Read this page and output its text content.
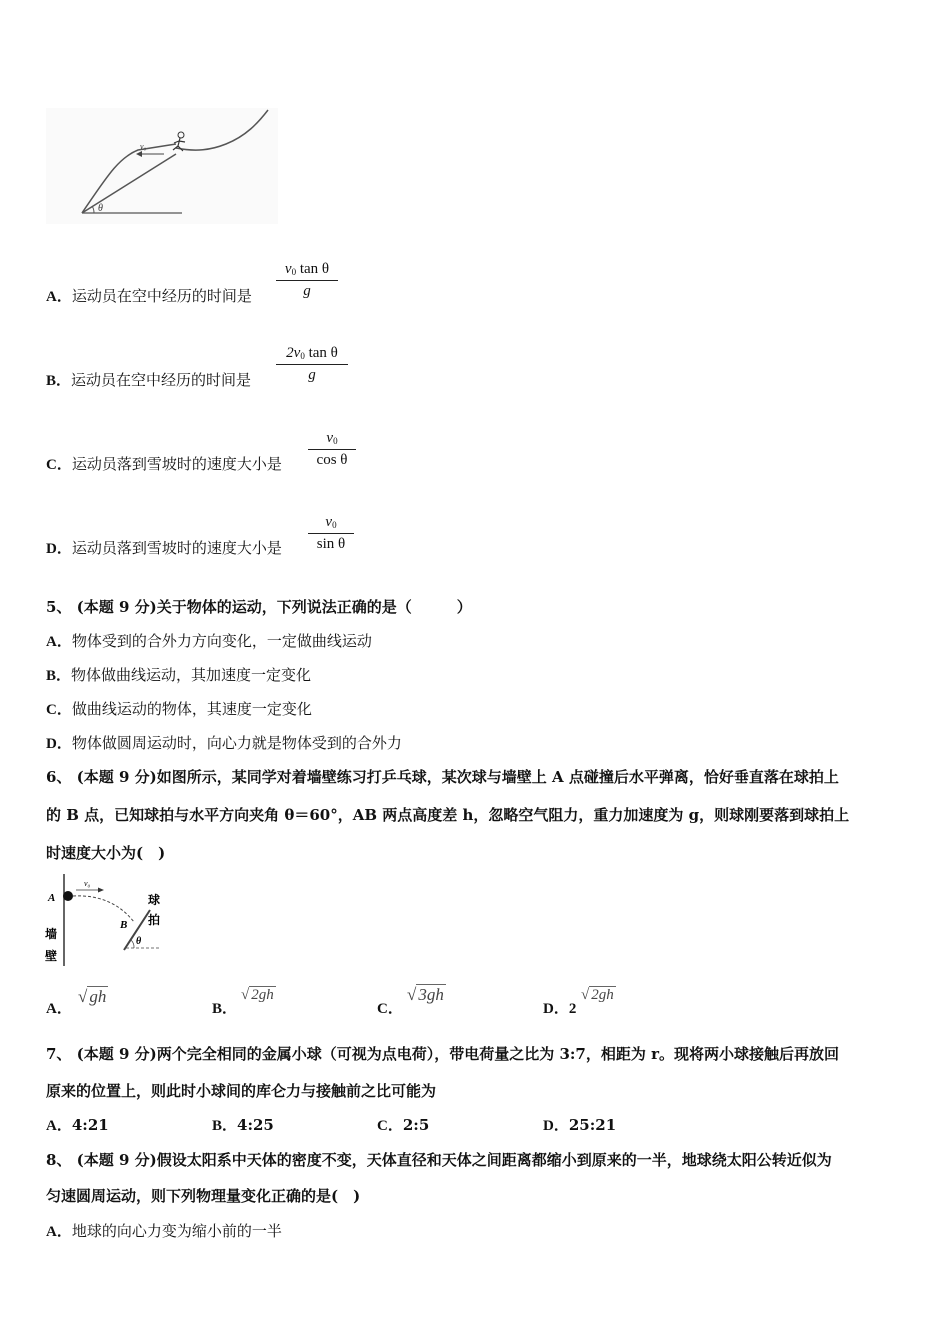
v₀
θ
A．运动员在空中经历的时间是
$v_0$ tan θ
g
B．运动员在空中经历的时间是
$2v_0$ tan θ
g
C．运动员落到雪坡时的速度大小是
$v_0$
cos θ
D．运动员落到雪坡时的速度大小是
$v_0$
sin θ
5、 (本题 9 分)关于物体的运动，下列说法正确的是（　　　）
A．物体受到的合外力方向变化，一定做曲线运动
B．物体做曲线运动，其加速度一定变化
C．做曲线运动的物体，其速度一定变化
D．物体做圆周运动时，向心力就是物体受到的合外力
6、 (本题 9 分)如图所示，某同学对着墙壁练习打乒乓球，某次球与墙壁上 A 点碰撞后水平弹离，恰好垂直落在球拍上
的 B 点，已知球拍与水平方向夹角 θ＝60°，AB 两点高度差 h，忽略空气阻力，重力加速度为 g，则球刚要落到球拍上
时速度大小为(　)
A
v₀
B
θ
球
拍
墙
壁
A．
√ gh
B．
√ 2gh
C．
√ 3gh
D．2
√ 2gh
7、 (本题 9 分)两个完全相同的金属小球（可视为点电荷），带电荷量之比为 3:7，相距为 r。现将两小球接触后再放回
原来的位置上，则此时小球间的库仑力与接触前之比可能为
A．4:21	B．4:25	C．2:5	D．25:21
8、 (本题 9 分)假设太阳系中天体的密度不变，天体直径和天体之间距离都缩小到原来的一半，地球绕太阳公转近似为
匀速圆周运动，则下列物理量变化正确的是(　)
A．地球的向心力变为缩小前的一半
